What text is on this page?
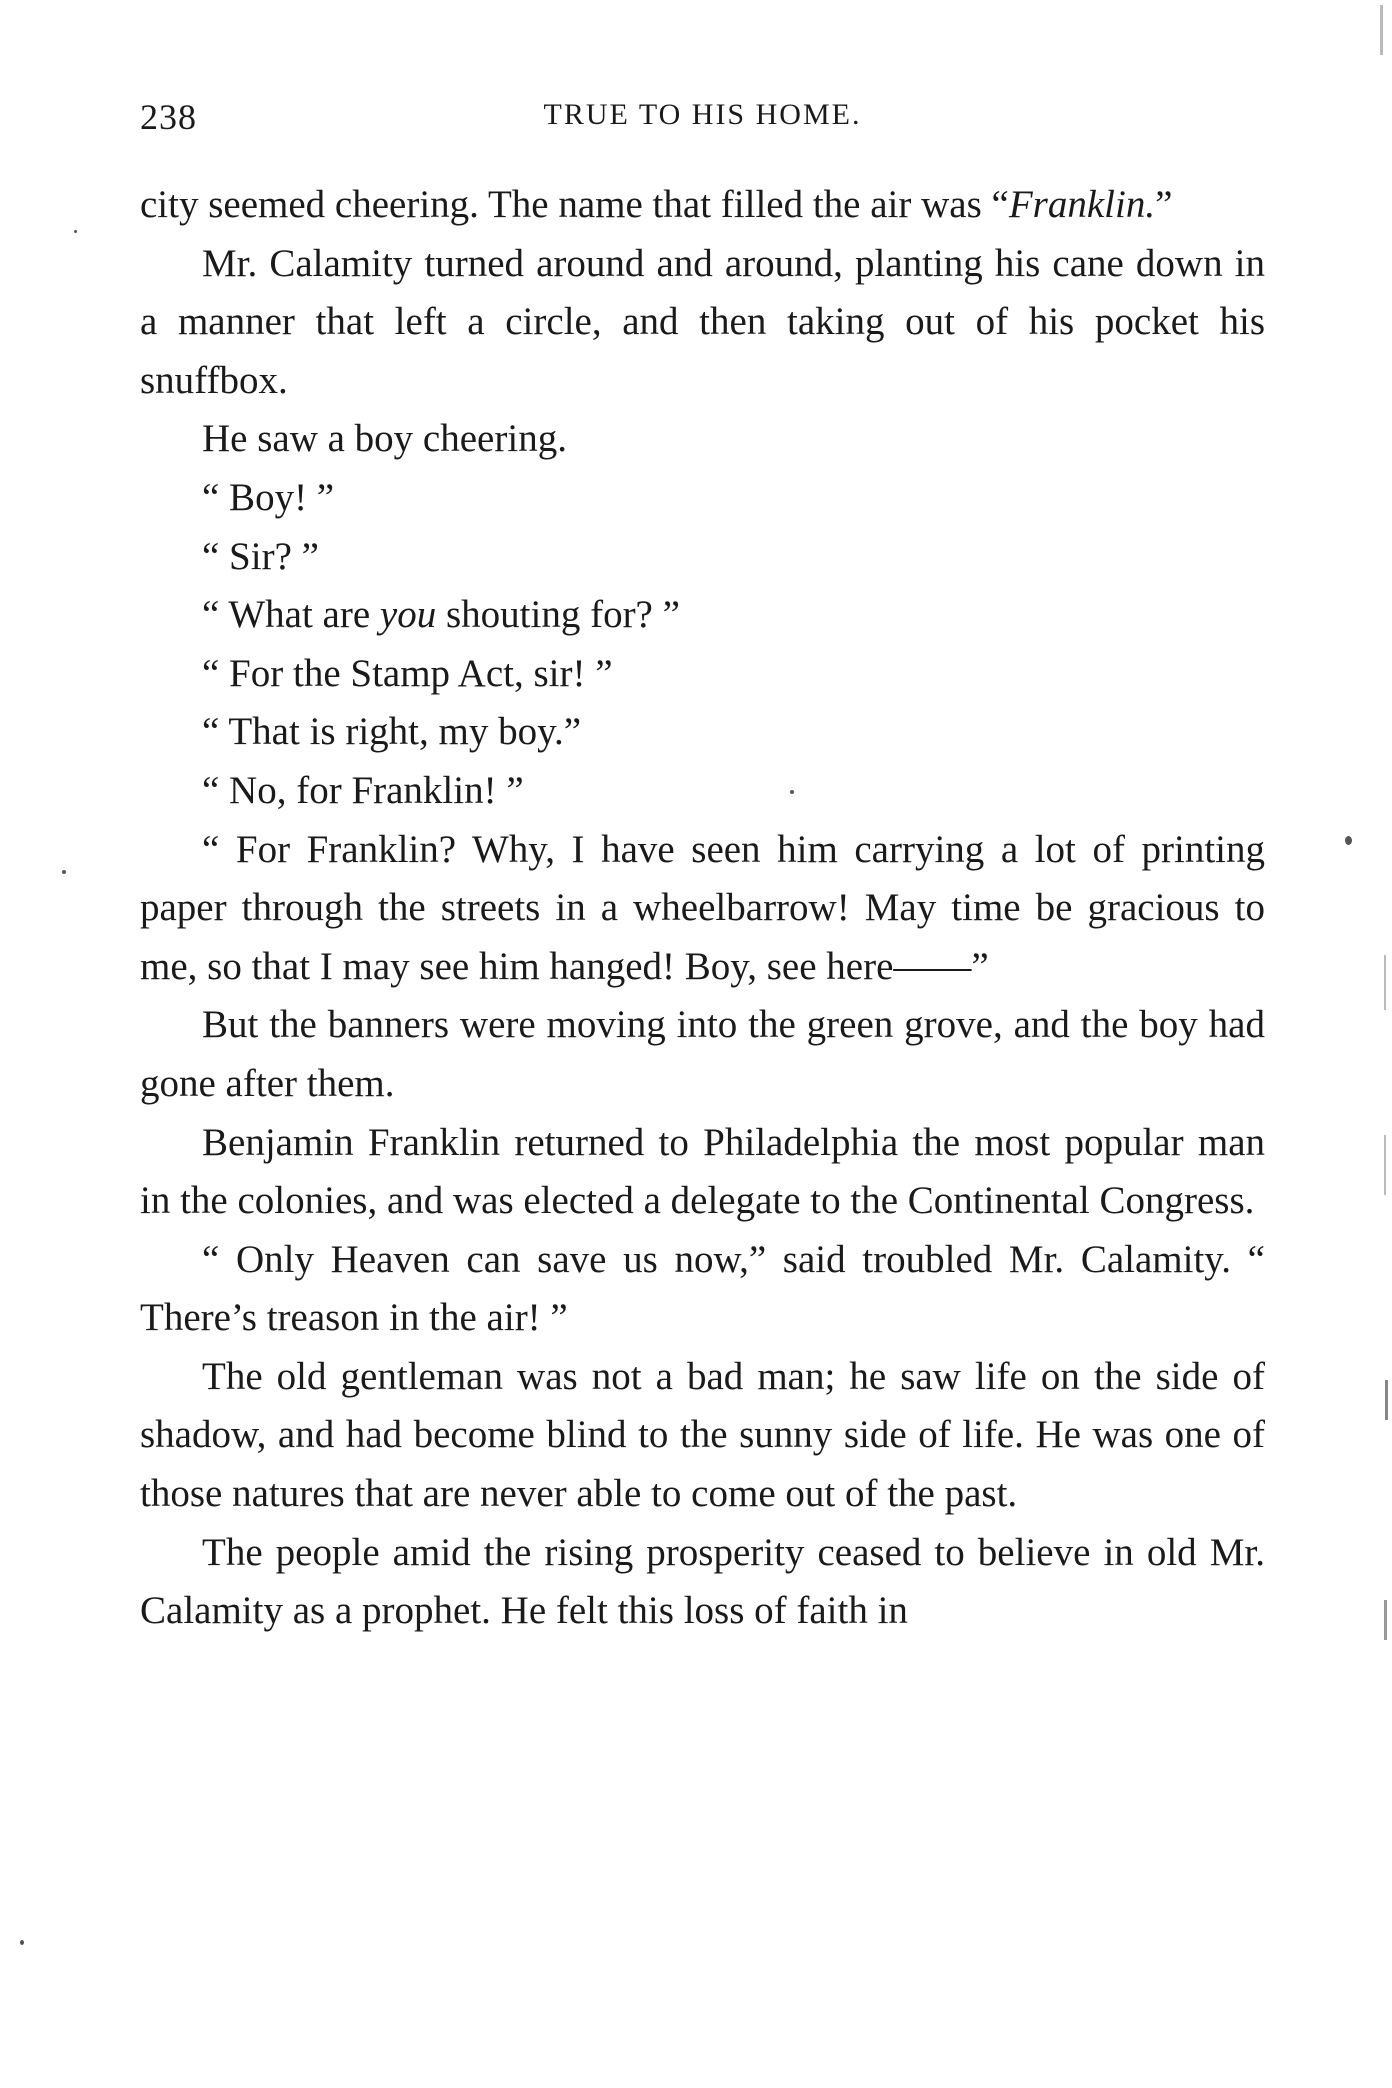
238	TRUE TO HIS HOME.

city seemed cheering. The name that filled the air was “Franklin.”

Mr. Calamity turned around and around, planting his cane down in a manner that left a circle, and then taking out of his pocket his snuffbox.

He saw a boy cheering.

“ Boy! ”

“ Sir? ”

“ What are you shouting for? ”

“ For the Stamp Act, sir! ”

“ That is right, my boy.”

“ No, for Franklin! ”

“ For Franklin? Why, I have seen him carrying a lot of printing paper through the streets in a wheelbarrow! May time be gracious to me, so that I may see him hanged! Boy, see here——”

But the banners were moving into the green grove, and the boy had gone after them.

Benjamin Franklin returned to Philadelphia the most popular man in the colonies, and was elected a delegate to the Continental Congress.

“ Only Heaven can save us now,” said troubled Mr. Calamity. “ There’s treason in the air! ”

The old gentleman was not a bad man; he saw life on the side of shadow, and had become blind to the sunny side of life. He was one of those natures that are never able to come out of the past.

The people amid the rising prosperity ceased to believe in old Mr. Calamity as a prophet. He felt this loss of faith in
